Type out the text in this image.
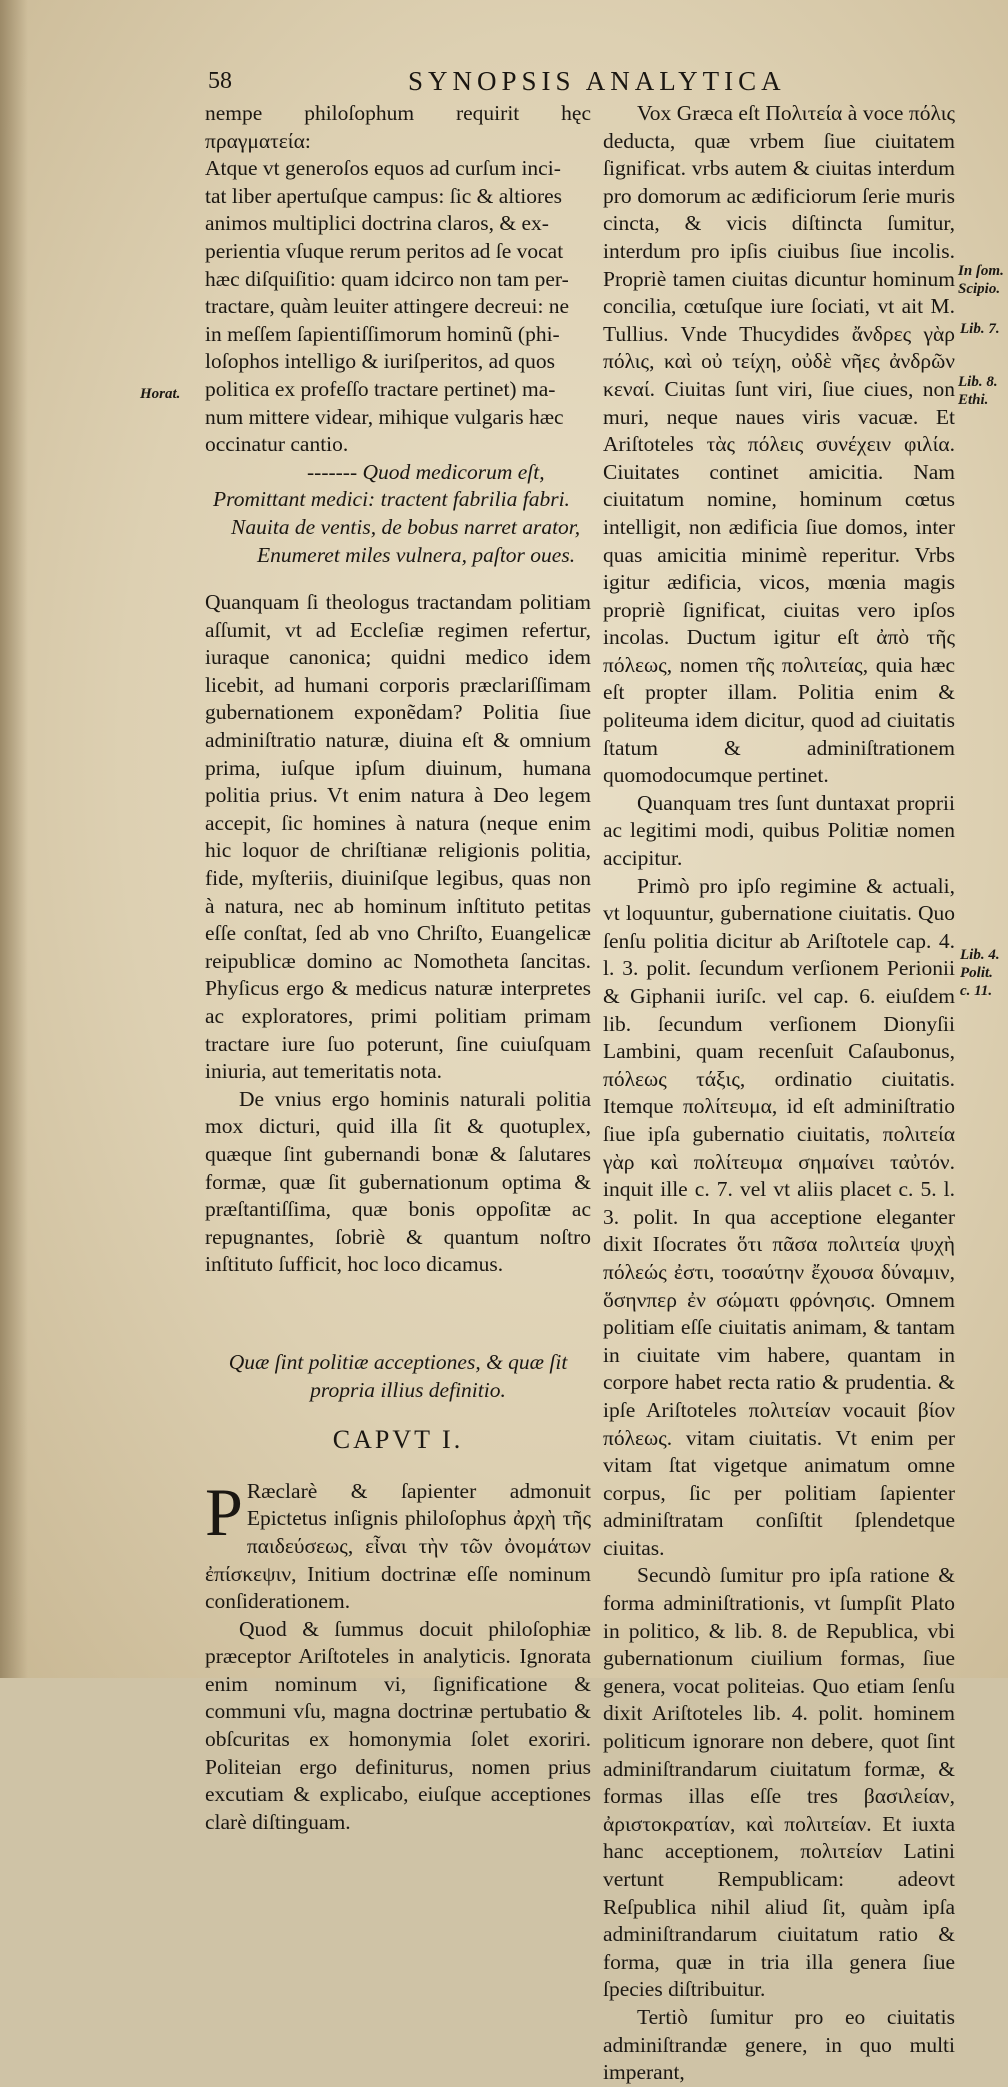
58	SYNOPSIS ANALYTICA
Horat.
nempe philoſophum requirit hęc πραγματεία:
Atque vt generoſos equos ad curſum inci-
tat liber apertuſque campus: ſic & altiores
animos multiplici doctrina claros, & ex-
perientia vſuque rerum peritos ad ſe vocat
hæc diſquiſitio: quam idcirco non tam per-
tractare, quàm leuiter attingere decreui: ne
in meſſem ſapientiſſimorum hominũ (phi-
loſophos intelligo & iuriſperitos, ad quos
politica ex profeſſo tractare pertinet) ma-
num mittere videar, mihique vulgaris hæc
occinatur cantio.
------- Quod medicorum eſt,
Promittant medici: tractent fabrilia fabri.
Nauita de ventis, de bobus narret arator,
Enumeret miles vulnera, paſtor oues.

Quanquam ſi theologus tractandam politiam aſſumit, vt ad Eccleſiæ regimen refertur, iuraque canonica; quidni medico idem licebit, ad humani corporis præclariſſimam gubernationem exponẽdam? Politia ſiue adminiſtratio naturæ, diuina eſt & omnium prima, iuſque ipſum diuinum, humana politia prius. Vt enim natura à Deo legem accepit, ſic homines à natura (neque enim hic loquor de chriſtianæ religionis politia, fide, myſteriis, diuiniſque legibus, quas non à natura, nec ab hominum inſtituto petitas eſſe conſtat, ſed ab vno Chriſto, Euangelicæ reipublicæ domino ac Nomotheta ſancitas. Phyſicus ergo & medicus naturæ interpretes ac exploratores, primi politiam primam tractare iure ſuo poterunt, ſine cuiuſquam iniuria, aut temeritatis nota.

De vnius ergo hominis naturali politia mox dicturi, quid illa ſit & quotuplex, quæque ſint gubernandi bonæ & ſalutares formæ, quæ ſit gubernationum optima & præſtantiſſima, quæ bonis oppoſitæ ac repugnantes, ſobriè & quantum noſtro inſtituto ſufficit, hoc loco dicamus.

Quæ ſint politiæ acceptiones, & quæ ſit
propria illius definitio.
CAPVT I.

P Ræclarè & ſapienter admonuit Epictetus inſignis philoſophus ἀρχὴ τῆς παιδεύσεως, εἶναι τὴν τῶν ὀνομάτων ἐπίσκεψιν, Initium doctrinæ eſſe nominum conſiderationem.

Quod & ſummus docuit philoſophiæ præceptor Ariſtoteles in analyticis. Ignorata enim nominum vi, ſignificatione & communi vſu, magna doctrinæ pertubatio & obſcuritas ex homonymia ſolet exoriri. Politeian ergo definiturus, nomen prius excutiam & explicabo, eiuſque acceptiones clarè diſtinguam.

Vox Græca eſt Πολιτεία à voce πόλις deducta, quæ vrbem ſiue ciuitatem ſignificat. vrbs autem & ciuitas interdum pro domorum ac ædificiorum ſerie muris cincta, & vicis diſtincta ſumitur, interdum pro ipſis ciuibus ſiue incolis. Propriè tamen ciuitas dicuntur hominum concilia, cœtuſque iure ſociati, vt ait M. Tullius. Vnde Thucydides ἄνδρες γὰρ πόλις, καὶ οὐ τείχη, οὐδὲ νῆες ἀνδρῶν κεναί. Ciuitas ſunt viri, ſiue ciues, non muri, neque naues viris vacuæ. Et Ariſtoteles τὰς πόλεις συνέχειν φιλία. Ciuitates continet amicitia. Nam ciuitatum nomine, hominum cœtus intelligit, non ædificia ſiue domos, inter quas amicitia minimè reperitur. Vrbs igitur ædificia, vicos, mœnia magis propriè ſignificat, ciuitas vero ipſos incolas. Ductum igitur eſt ἀπὸ τῆς πόλεως, nomen τῆς πολιτείας, quia hæc eſt propter illam. Politia enim & politeuma idem dicitur, quod ad ciuitatis ſtatum & adminiſtrationem quomodocumque pertinet.

Quanquam tres ſunt duntaxat proprii ac legitimi modi, quibus Politiæ nomen accipitur.

Primò pro ipſo regimine & actuali, vt loquuntur, gubernatione ciuitatis. Quo ſenſu politia dicitur ab Ariſtotele cap. 4. l. 3. polit. ſecundum verſionem Perionii & Giphanii iuriſc. vel cap. 6. eiuſdem lib. ſecundum verſionem Dionyſii Lambini, quam recenſuit Caſaubonus, πόλεως τάξις, ordinatio ciuitatis. Itemque πολίτευμα, id eſt adminiſtratio ſiue ipſa gubernatio ciuitatis, πολιτεία γὰρ καὶ πολίτευμα σημαίνει ταὐτόν. inquit ille c. 7. vel vt aliis placet c. 5. l. 3. polit. In qua acceptione eleganter dixit Iſocrates ὅτι πᾶσα πολιτεία ψυχὴ πόλεώς ἐστι, τοσαύτην ἔχουσα δύναμιν, ὅσηνπερ ἐν σώματι φρόνησις. Omnem politiam eſſe ciuitatis animam, & tantam in ciuitate vim habere, quantam in corpore habet recta ratio & prudentia. & ipſe Ariſtoteles πολιτείαν vocauit βίον πόλεως. vitam ciuitatis. Vt enim per vitam ſtat vigetque animatum omne corpus, ſic per politiam ſapienter adminiſtratam conſiſtit ſplendetque ciuitas.

Secundò ſumitur pro ipſa ratione & forma adminiſtrationis, vt ſumpſit Plato in politico, & lib. 8. de Republica, vbi gubernationum ciuilium formas, ſiue genera, vocat politeias. Quo etiam ſenſu dixit Ariſtoteles lib. 4. polit. hominem politicum ignorare non debere, quot ſint adminiſtrandarum ciuitatum formæ, & formas illas eſſe tres βασιλείαν, ἀριστοκρατίαν, καὶ πολιτείαν. Et iuxta hanc acceptionem, πολιτείαν Latini vertunt Rempublicam: adeovt Reſpublica nihil aliud ſit, quàm ipſa adminiſtrandarum ciuitatum ratio & forma, quæ in tria illa genera ſiue ſpecies diſtribuitur.

Tertiò ſumitur pro eo ciuitatis adminiſtrandæ genere, in quo multi imperant,

In ſom.
Scipio.
Lib. 7.
Lib. 8.
Ethi.
Lib. 4.
Polit.
c. 11.
